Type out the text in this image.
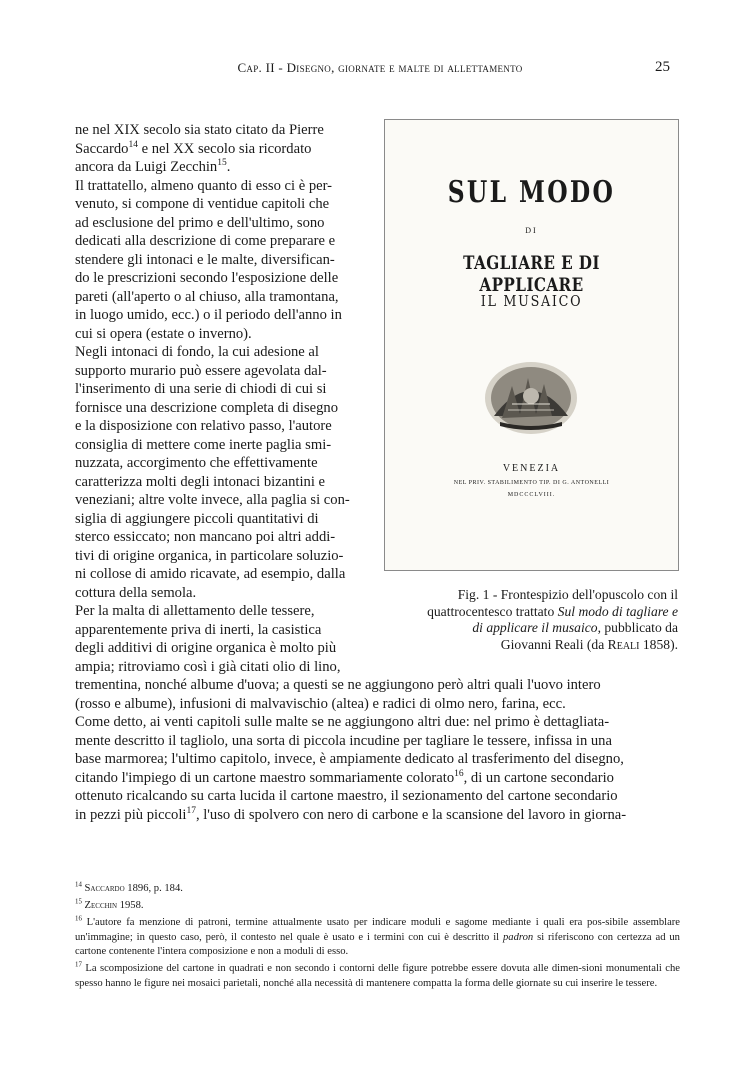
Cap. II - Disegno, giornate e malte di allettamento	25

ne nel XIX secolo sia stato citato da Pierre

Saccardo$^{14}$ e nel XX secolo sia ricordato

ancora da Luigi Zecchin$^{15}$.

Il trattatello, almeno quanto di esso ci è per-

venuto, si compone di ventidue capitoli che

ad esclusione del primo e dell'ultimo, sono

dedicati alla descrizione di come preparare e

stendere gli intonaci e le malte, diversifican-

do le prescrizioni secondo l'esposizione delle

pareti (all'aperto o al chiuso, alla tramontana,

in luogo umido, ecc.) o il periodo dell'anno in

cui si opera (estate o inverno).

Negli intonaci di fondo, la cui adesione al

supporto murario può essere agevolata dal-

l'inserimento di una serie di chiodi di cui si

fornisce una descrizione completa di disegno

e la disposizione con relativo passo, l'autore

consiglia di mettere come inerte paglia smi-

nuzzata, accorgimento che effettivamente

caratterizza molti degli intonaci bizantini e

veneziani; altre volte invece, alla paglia si con-

siglia di aggiungere piccoli quantitativi di

sterco essiccato; non mancano poi altri addi-

tivi di origine organica, in particolare soluzio-

ni collose di amido ricavate, ad esempio, dalla

cottura della semola.

Per la malta di allettamento delle tessere,

apparentemente priva di inerti, la casistica

degli additivi di origine organica è molto più

ampia; ritroviamo così i già citati olio di lino,

trementina, nonché albume d'uova; a questi se ne aggiungono però altri quali l'uovo intero

(rosso e albume), infusioni di malvavischio (altea) e radici di olmo nero, farina, ecc.

Come detto, ai venti capitoli sulle malte se ne aggiungono altri due: nel primo è dettagliata-

mente descritto il tagliolo, una sorta di piccola incudine per tagliare le tessere, infissa in una

base marmorea; l'ultimo capitolo, invece, è ampiamente dedicato al trasferimento del disegno,

citando l'impiego di un cartone maestro sommariamente colorato$^{16}$, di un cartone secondario

ottenuto ricalcando su carta lucida il cartone maestro, il sezionamento del cartone secondario

in pezzi più piccoli$^{17}$, l'uso di spolvero con nero di carbone e la scansione del lavoro in giorna-

SUL MODO
DI
TAGLIARE E DI APPLICARE
IL MUSAICO
VENEZIA
NEL PRIV. STABILIMENTO TIP. DI G. ANTONELLI
MDCCCLVIII.
Fig. 1 - Frontespizio dell'opuscolo con il quattrocentesco trattato Sul modo di tagliare e di applicare il musaico, pubblicato da Giovanni Reali (da Reali 1858).
$^{14}$ Saccardo 1896, p. 184.
$^{15}$ Zecchin 1958.
$^{16}$ L'autore fa menzione di patroni, termine attualmente usato per indicare moduli e sagome mediante i quali era pos-sibile assemblare un'immagine; in questo caso, però, il contesto nel quale è usato e i termini con cui è descritto il padron si riferiscono con certezza ad un cartone contenente l'intera composizione e non a moduli di esso.
$^{17}$ La scomposizione del cartone in quadrati e non secondo i contorni delle figure potrebbe essere dovuta alle dimen-sioni monumentali che spesso hanno le figure nei mosaici parietali, nonché alla necessità di mantenere compatta la forma delle giornate su cui inserire le tessere.
